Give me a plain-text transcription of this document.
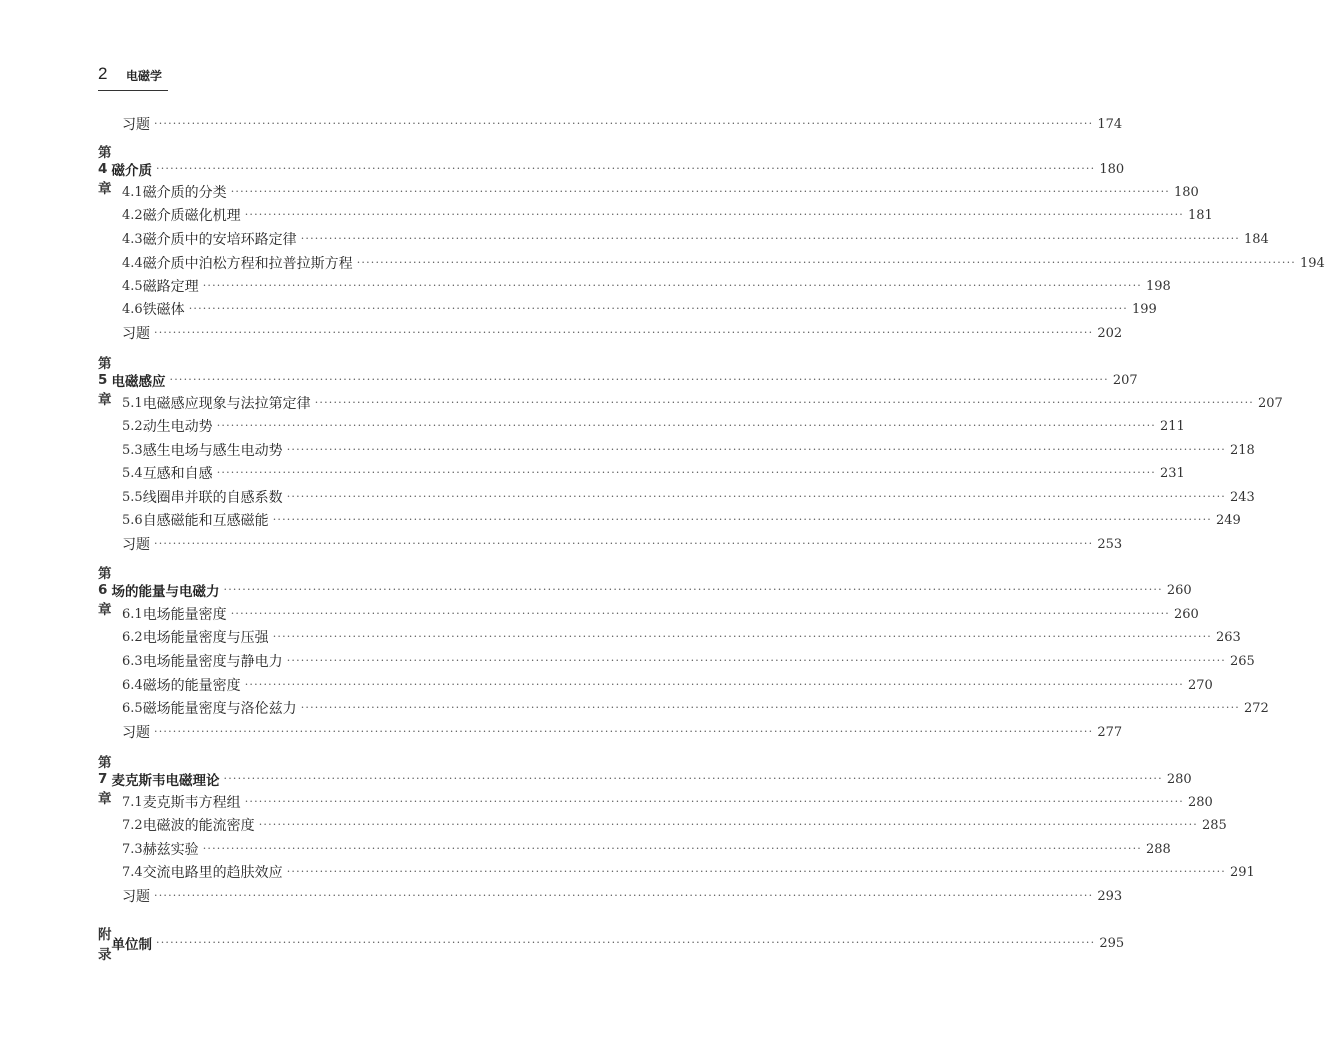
2 电磁学
习题 ········································································································································································································ 174
第 4 章
磁介质 ········································································································································································································ 180
4.1 磁介质的分类 ········································································································································································································ 180
4.2 磁介质磁化机理 ········································································································································································································ 181
4.3 磁介质中的安培环路定律 ········································································································································································································ 184
4.4 磁介质中泊松方程和拉普拉斯方程 ········································································································································································································ 194
4.5 磁路定理 ········································································································································································································ 198
4.6 铁磁体 ········································································································································································································ 199
习题 ········································································································································································································ 202
第 5 章
电磁感应 ········································································································································································································ 207
5.1 电磁感应现象与法拉第定律 ········································································································································································································ 207
5.2 动生电动势 ········································································································································································································ 211
5.3 感生电场与感生电动势 ········································································································································································································ 218
5.4 互感和自感 ········································································································································································································ 231
5.5 线圈串并联的自感系数 ········································································································································································································ 243
5.6 自感磁能和互感磁能 ········································································································································································································ 249
习题 ········································································································································································································ 253
第 6 章
场的能量与电磁力 ········································································································································································································ 260
6.1 电场能量密度 ········································································································································································································ 260
6.2 电场能量密度与压强 ········································································································································································································ 263
6.3 电场能量密度与静电力 ········································································································································································································ 265
6.4 磁场的能量密度 ········································································································································································································ 270
6.5 磁场能量密度与洛伦兹力 ········································································································································································································ 272
习题 ········································································································································································································ 277
第 7 章
麦克斯韦电磁理论 ········································································································································································································ 280
7.1 麦克斯韦方程组 ········································································································································································································ 280
7.2 电磁波的能流密度 ········································································································································································································ 285
7.3 赫兹实验 ········································································································································································································ 288
7.4 交流电路里的趋肤效应 ········································································································································································································ 291
习题 ········································································································································································································ 293
附录
单位制 ········································································································································································································ 295
